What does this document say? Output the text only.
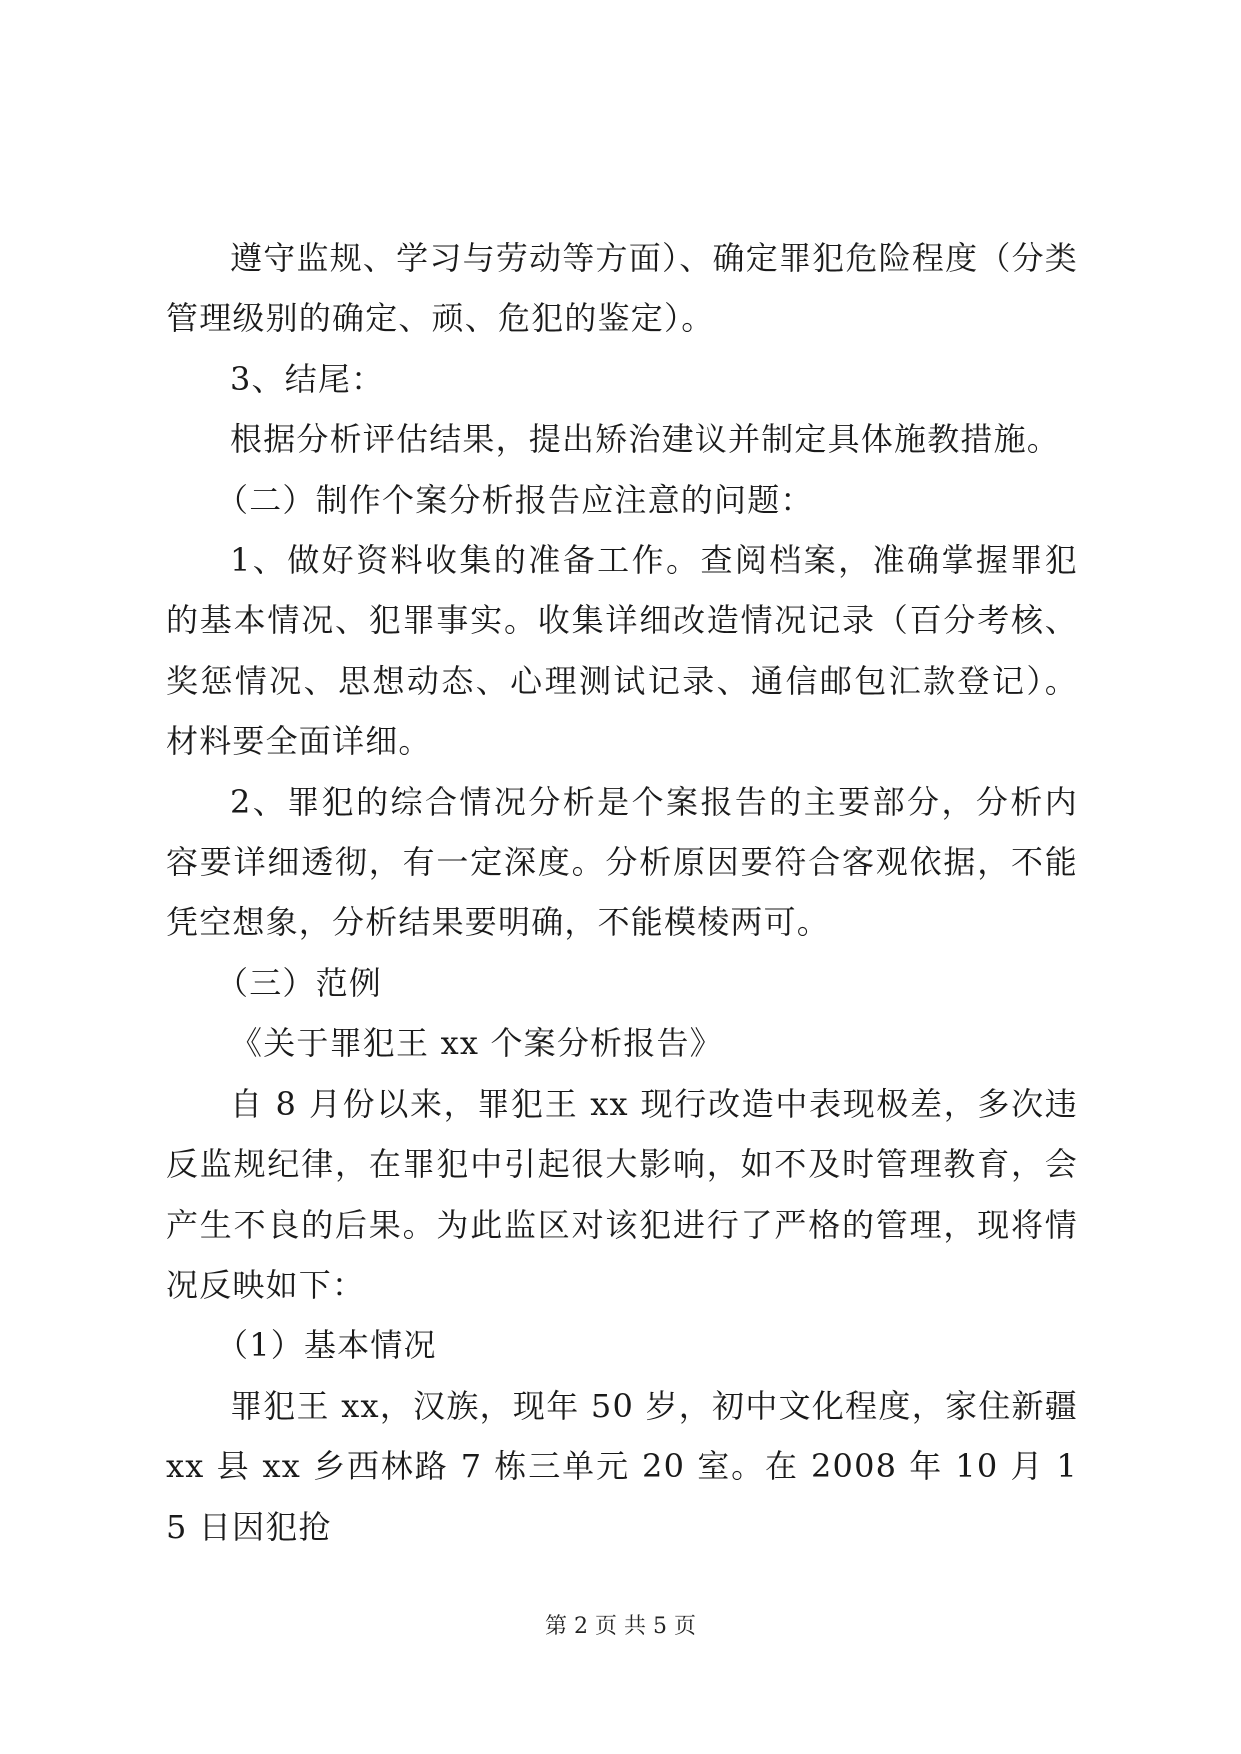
遵守监规、学习与劳动等方面）、确定罪犯危险程度（分类管理级别的确定、顽、危犯的鉴定）。

3、结尾：

根据分析评估结果，提出矫治建议并制定具体施教措施。

（二）制作个案分析报告应注意的问题：

1、做好资料收集的准备工作。查阅档案，准确掌握罪犯的基本情况、犯罪事实。收集详细改造情况记录（百分考核、奖惩情况、思想动态、心理测试记录、通信邮包汇款登记）。材料要全面详细。

2、罪犯的综合情况分析是个案报告的主要部分，分析内容要详细透彻，有一定深度。分析原因要符合客观依据，不能凭空想象，分析结果要明确，不能模棱两可。

（三）范例

《关于罪犯王 xx 个案分析报告》

自 8 月份以来，罪犯王 xx 现行改造中表现极差，多次违反监规纪律，在罪犯中引起很大影响，如不及时管理教育，会产生不良的后果。为此监区对该犯进行了严格的管理，现将情况反映如下：

（1）基本情况

罪犯王 xx，汉族，现年 50 岁，初中文化程度，家住新疆 xx 县 xx 乡西林路 7 栋三单元 20 室。在 2008 年 10 月 15 日因犯抢

第 2 页 共 5 页
